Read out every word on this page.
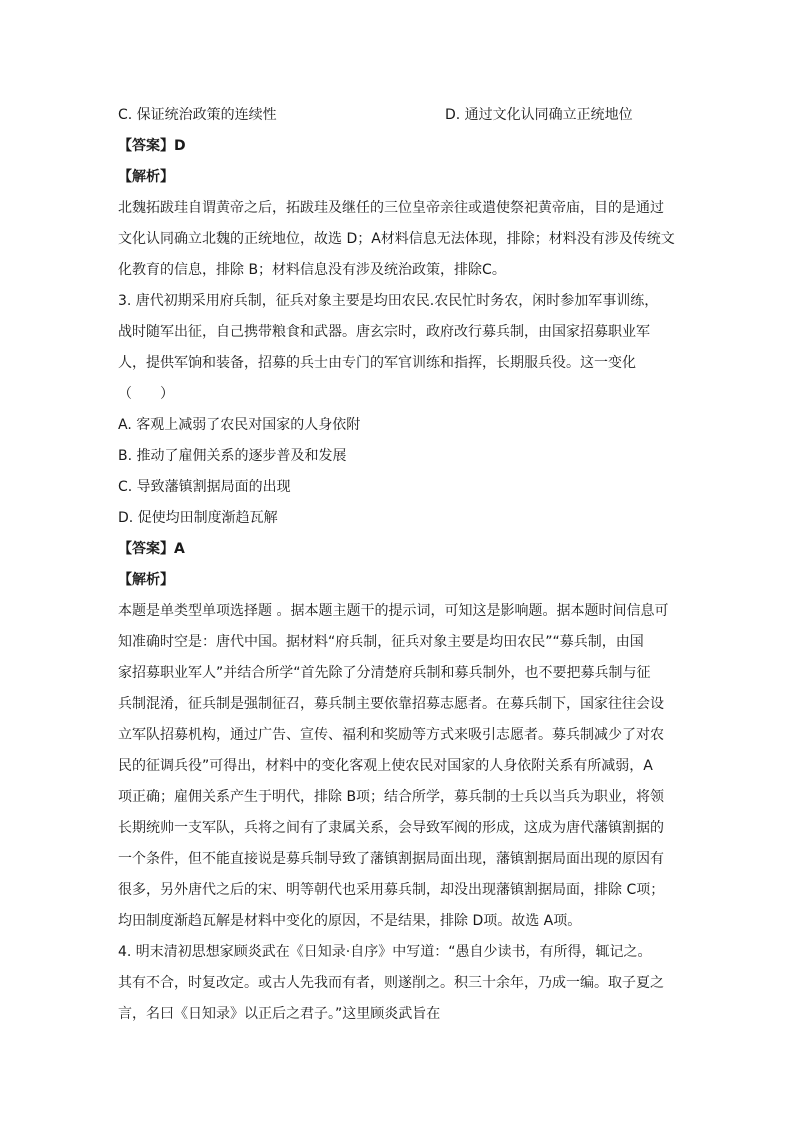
C. 保证统治政策的连续性	D. 通过文化认同确立正统地位
【答案】D
【解析】
北魏拓跋珪自谓黄帝之后，拓跋珪及继任的三位皇帝亲往或遣使祭祀黄帝庙，目的是通过
文化认同确立北魏的正统地位，故选 D；A材料信息无法体现，排除；材料没有涉及传统文
化教育的信息，排除 B；材料信息没有涉及统治政策，排除C。
3. 唐代初期采用府兵制，征兵对象主要是均田农民.农民忙时务农，闲时参加军事训练，
战时随军出征，自己携带粮食和武器。唐玄宗时，政府改行募兵制，由国家招募职业军
人，提供军饷和装备，招募的兵士由专门的军官训练和指挥，长期服兵役。这一变化
（　　）
A. 客观上减弱了农民对国家的人身依附
B. 推动了雇佣关系的逐步普及和发展
C. 导致藩镇割据局面的出现
D. 促使均田制度渐趋瓦解
【答案】A
【解析】
本题是单类型单项选择题 。据本题主题干的提示词，可知这是影响题。据本题时间信息可
知准确时空是：唐代中国。据材料“府兵制，征兵对象主要是均田农民”“募兵制，由国
家招募职业军人”并结合所学“首先除了分清楚府兵制和募兵制外，也不要把募兵制与征
兵制混淆，征兵制是强制征召，募兵制主要依靠招募志愿者。在募兵制下，国家往往会设
立军队招募机构，通过广告、宣传、福利和奖励等方式来吸引志愿者。募兵制减少了对农
民的征调兵役”可得出，材料中的变化客观上使农民对国家的人身依附关系有所减弱，A
项正确；雇佣关系产生于明代，排除 B项；结合所学，募兵制的士兵以当兵为职业，将领
长期统帅一支军队，兵将之间有了隶属关系，会导致军阀的形成，这成为唐代藩镇割据的
一个条件，但不能直接说是募兵制导致了藩镇割据局面出现，藩镇割据局面出现的原因有
很多，另外唐代之后的宋、明等朝代也采用募兵制，却没出现藩镇割据局面，排除 C项；
均田制度渐趋瓦解是材料中变化的原因，不是结果，排除 D项。故选 A项。
4. 明末清初思想家顾炎武在《日知录·自序》中写道：“愚自少读书，有所得，辄记之。
其有不合，时复改定。或古人先我而有者，则遂削之。积三十余年，乃成一编。取子夏之
言，名曰《日知录》以正后之君子。”这里顾炎武旨在
